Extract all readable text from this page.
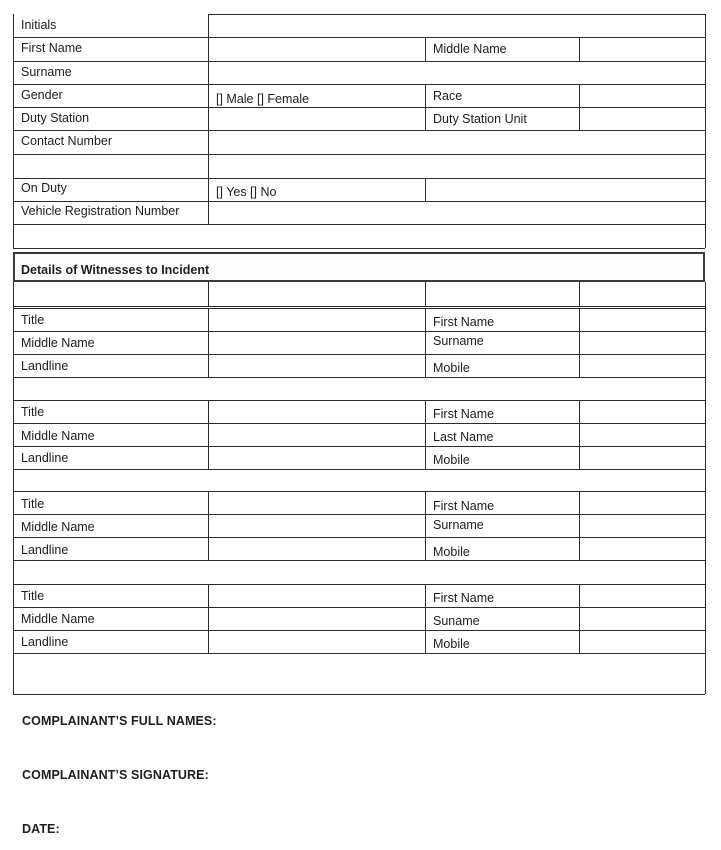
Initials
First Name	Middle Name
Surname
Gender	[] Male [] Female	Race
Duty Station	Duty Station Unit
Contact Number
On Duty	[] Yes [] No
Vehicle Registration Number
Details of Witnesses to Incident
Title	First Name
Middle Name	Surname
Landline	Mobile
Title	First Name
Middle Name	Last Name
Landline	Mobile
Title	First Name
Middle Name	Surname
Landline	Mobile
Title	First Name
Middle Name	Suname
Landline	Mobile
COMPLAINANT’S FULL NAMES:
COMPLAINANT’S SIGNATURE:
DATE:
